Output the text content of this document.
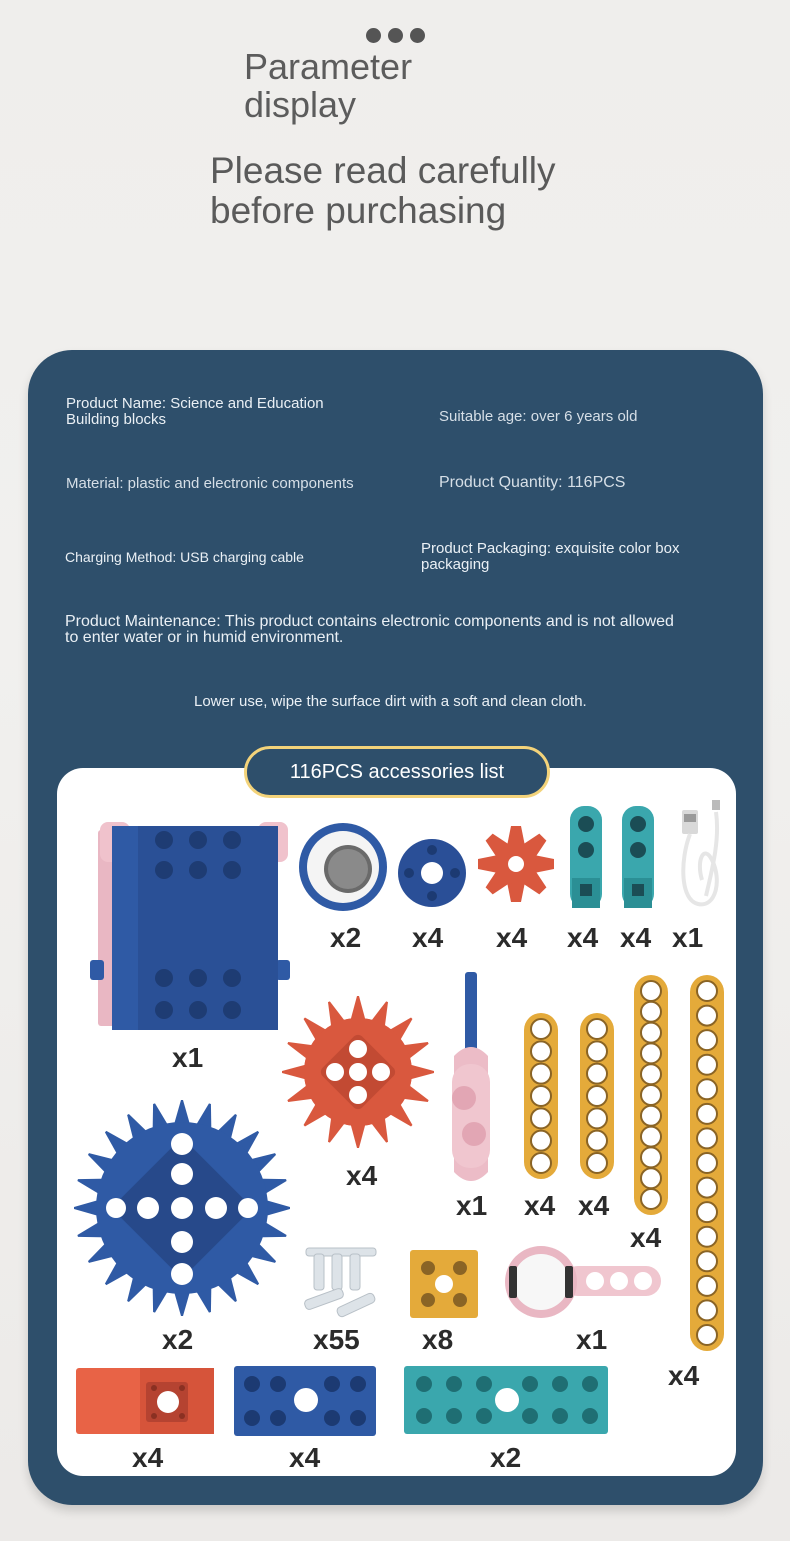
Parameter display
Please read carefully before purchasing
Product Name: Science and Education Building blocks	Suitable age: over 6 years old
Material: plastic and electronic components	Product Quantity: 116PCS
Charging Method: USB charging cable	Product Packaging: exquisite color box packaging
Product Maintenance: This product contains electronic components and is not allowed to enter water or in humid environment.
Lower use, wipe the surface dirt with a soft and clean cloth.
116PCS accessories list
x1
x2 x4 x4 x4 x4 x1
x4
x1 x4 x4
x4
x4
x2	x55 x8	x1
x4	x4	x2
